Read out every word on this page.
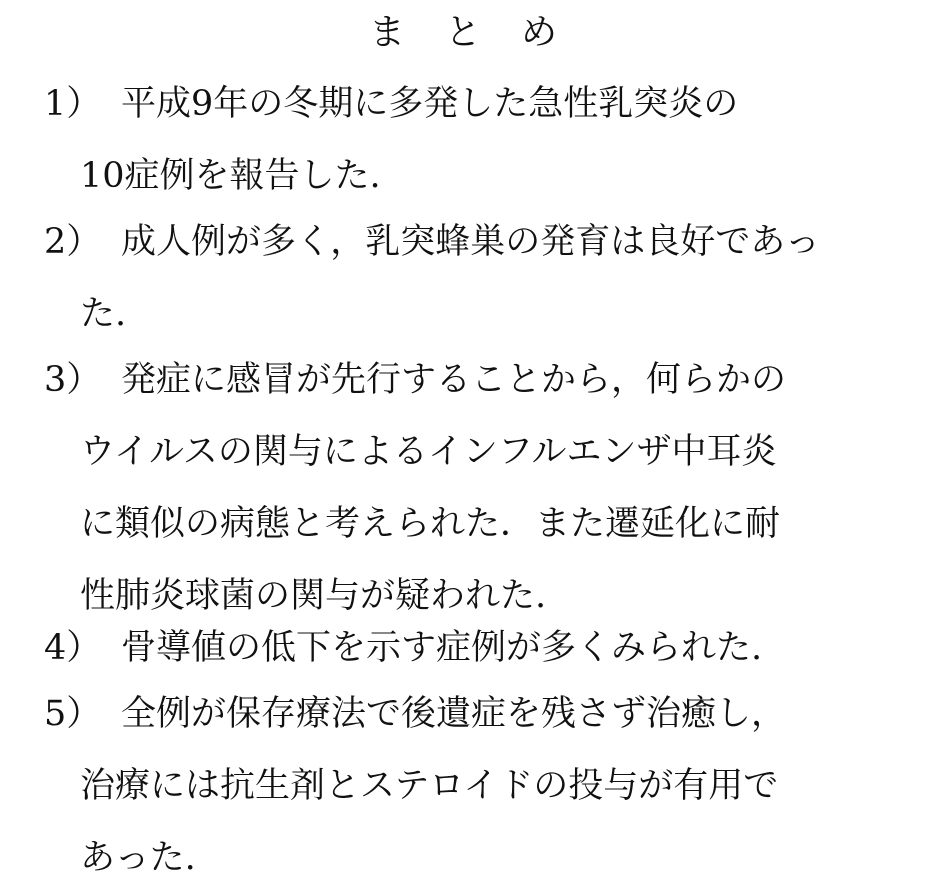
まとめ
1） 平成9年の冬期に多発した急性乳突炎の
10症例を報告した.
2） 成人例が多く，乳突蜂巣の発育は良好であっ
た.
3） 発症に感冒が先行することから，何らかの
ウイルスの関与によるインフルエンザ中耳炎
に類似の病態と考えられた．また遷延化に耐
性肺炎球菌の関与が疑われた.
4） 骨導値の低下を示す症例が多くみられた.
5） 全例が保存療法で後遺症を残さず治癒し，
治療には抗生剤とステロイドの投与が有用で
あった.
